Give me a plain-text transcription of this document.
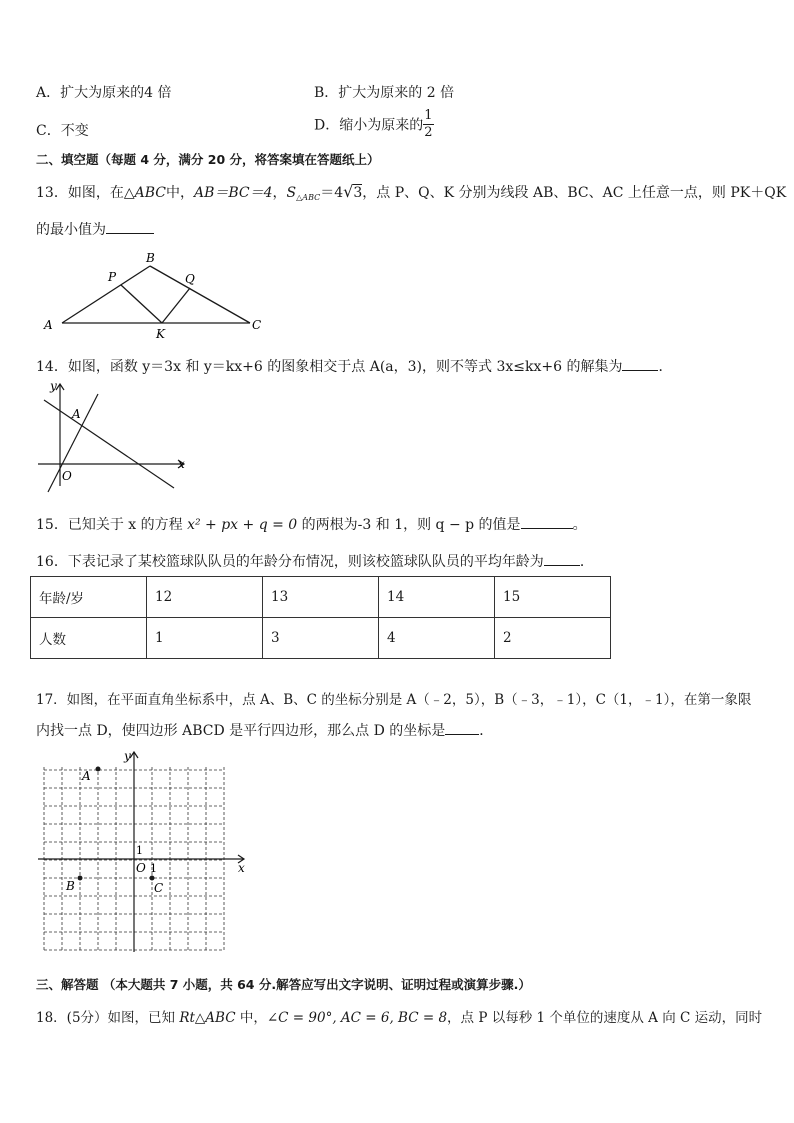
A．扩大为原来的4 倍	B．扩大为原来的 2 倍
C．不变	D．缩小为原来的 $\frac{1}{2}$
二、填空题（每题 4 分，满分 20 分，将答案填在答题纸上）
13．如图，在△ABC中，AB＝BC＝4，$S_{\triangle ABC}=4√3$，点 P、Q、K 分别为线段 AB、BC、AC 上任意一点，则 PK＋QK
的最小值为
A
B
C
P	Q
K
14．如图，函数 y＝3x 和 y＝kx+6 的图象相交于点 A(a，3)，则不等式 3x≤kx+6 的解集为	．
y
x
A
O
15．已知关于 x 的方程 x² + px + q = 0 的两根为-3 和 1，则 q − p 的值是	。
16．下表记录了某校篮球队队员的年龄分布情况，则该校篮球队队员的平均年龄为	．
年龄/岁	12	13	14	15
人数	1	3	4	2
17．如图，在平面直角坐标系中，点 A、B、C 的坐标分别是 A（﹣2，5），B（﹣3，﹣1），C（1，﹣1），在第一象限
内找一点 D，使四边形 ABCD 是平行四边形，那么点 D 的坐标是 ．
y
x
A
B	C
O 1
1
三、解答题 （本大题共 7 小题，共 64 分.解答应写出文字说明、证明过程或演算步骤.）
18．(5分）如图，已知 Rt△ABC 中，∠C = 90°, AC = 6, BC = 8，点 P 以每秒 1 个单位的速度从 A 向 C 运动，同时
